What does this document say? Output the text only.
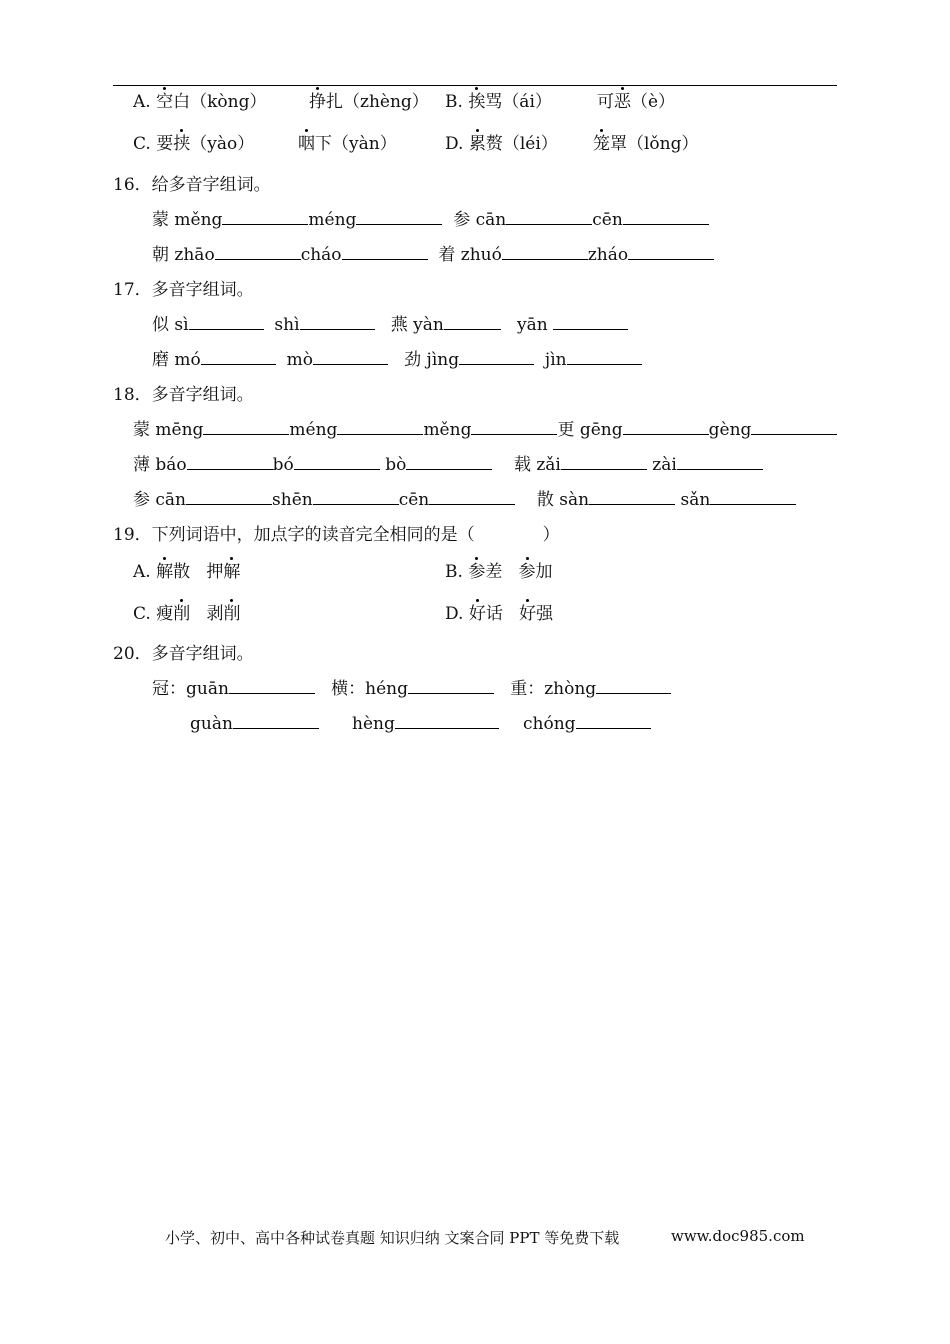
A. 空白（kòng）	挣扎（zhèng） B. 挨骂（ái）	可恶（è）
C. 要挟（yào）	咽下（yàn）	D. 累赘（léi） 笼罩（lǒng）
16．给多音字组词。
蒙 měng	méng	参 cān	cēn
朝 zhāo	cháo	着 zhuó	zháo
17．多音字组词。
似 sì	shì	燕 yàn	yān
磨 mó	mò	劲 jìng	jìn
18．多音字组词。
蒙 mēng	méng	měng	更 gēng	gèng
薄 báo	bó	bò	载 zǎi	zài
参 cān	shēn	cēn	散 sàn	sǎn
19．下列词语中，加点字的读音完全相同的是（　　　　）
A. 解散 押解	B. 参差 参加
C. 瘦削 剥削	D. 好话 好强
20．多音字组词。
冠：guān	横：héng	重：zhòng
guàn	hèng	chóng
小学、初中、高中各种试卷真题 知识归纳 文案合同 PPT 等免费下载	www.doc985.com
